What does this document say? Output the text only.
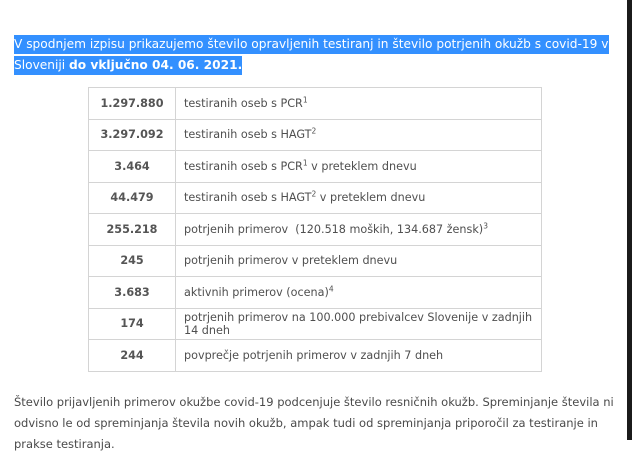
V spodnjem izpisu prikazujemo število opravljenih testiranj in število potrjenih okužb s covid-19 v Sloveniji do vključno 04. 06. 2021.
1.297.880	testiranih oseb s PCR$^1$
3.297.092	testiranih oseb s HAGT$^2$
3.464	testiranih oseb s PCR$^1$ v preteklem dnevu
44.479	testiranih oseb s HAGT$^2$ v preteklem dnevu
255.218	potrjenih primerov  (120.518 moških, 134.687 žensk)$^3$
245	potrjenih primerov v preteklem dnevu
3.683	aktivnih primerov (ocena)$^4$
174	potrjenih primerov na 100.000 prebivalcev Slovenije v zadnjih 14 dneh
244	povprečje potrjenih primerov v zadnjih 7 dneh
Število prijavljenih primerov okužbe covid-19 podcenjuje število resničnih okužb. Spreminjanje števila ni odvisno le od spreminjanja števila novih okužb, ampak tudi od spreminjanja priporočil za testiranje in prakse testiranja.
